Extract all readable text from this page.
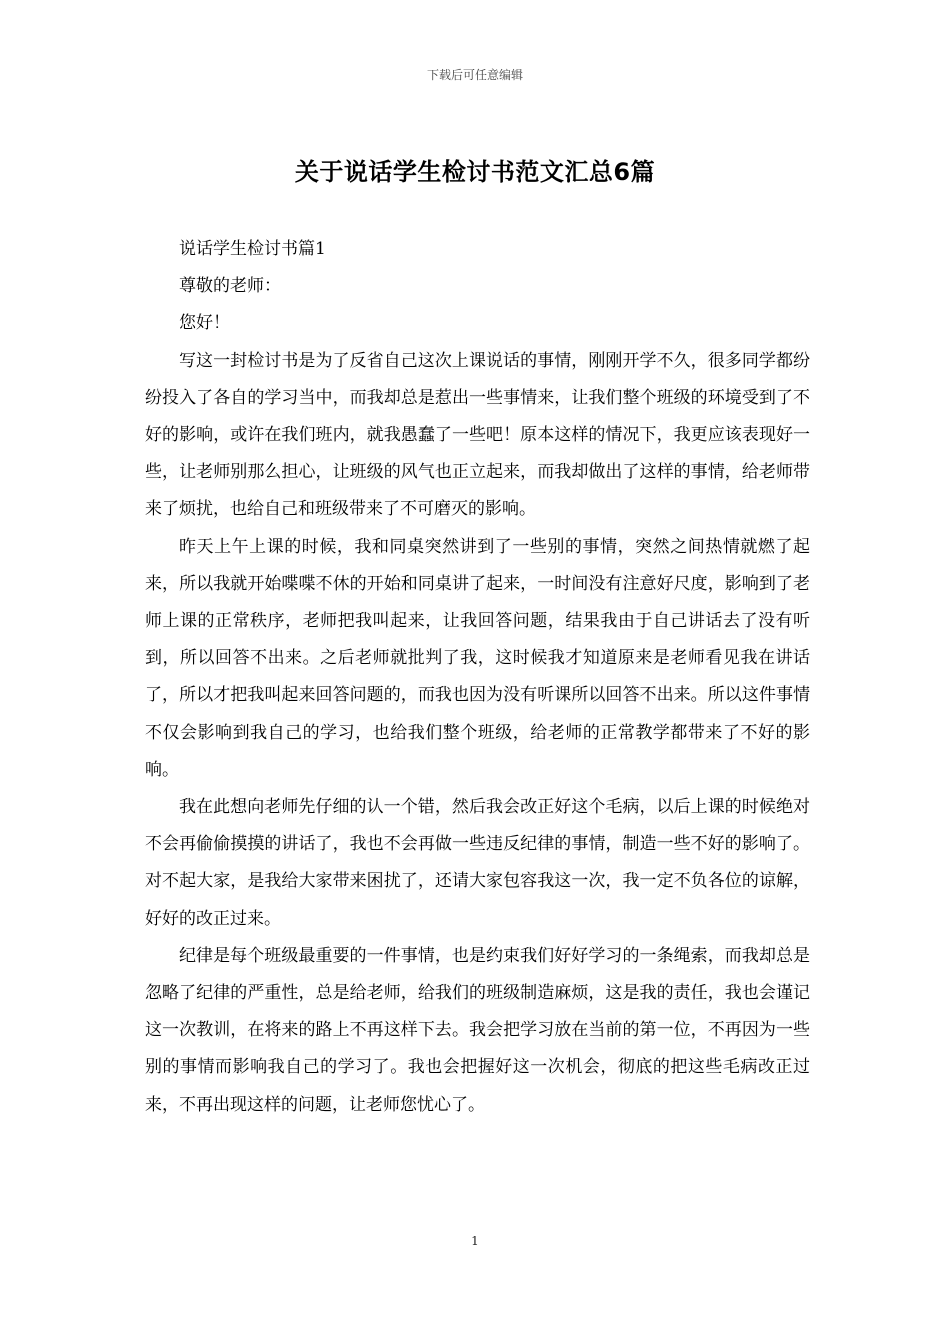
下载后可任意编辑
关于说话学生检讨书范文汇总6篇

说话学生检讨书篇1

尊敬的老师：

您好！

写这一封检讨书是为了反省自己这次上课说话的事情，刚刚开学不久，很多同学都纷纷投入了各自的学习当中，而我却总是惹出一些事情来，让我们整个班级的环境受到了不好的影响，或许在我们班内，就我愚蠢了一些吧！原本这样的情况下，我更应该表现好一些，让老师别那么担心，让班级的风气也正立起来，而我却做出了这样的事情，给老师带来了烦扰，也给自己和班级带来了不可磨灭的影响。

昨天上午上课的时候，我和同桌突然讲到了一些别的事情，突然之间热情就燃了起来，所以我就开始喋喋不休的开始和同桌讲了起来，一时间没有注意好尺度，影响到了老师上课的正常秩序，老师把我叫起来，让我回答问题，结果我由于自己讲话去了没有听到，所以回答不出来。之后老师就批判了我，这时候我才知道原来是老师看见我在讲话了，所以才把我叫起来回答问题的，而我也因为没有听课所以回答不出来。所以这件事情不仅会影响到我自己的学习，也给我们整个班级，给老师的正常教学都带来了不好的影响。

我在此想向老师先仔细的认一个错，然后我会改正好这个毛病，以后上课的时候绝对不会再偷偷摸摸的讲话了，我也不会再做一些违反纪律的事情，制造一些不好的影响了。对不起大家，是我给大家带来困扰了，还请大家包容我这一次，我一定不负各位的谅解，好好的改正过来。

纪律是每个班级最重要的一件事情，也是约束我们好好学习的一条绳索，而我却总是忽略了纪律的严重性，总是给老师，给我们的班级制造麻烦，这是我的责任，我也会谨记这一次教训，在将来的路上不再这样下去。我会把学习放在当前的第一位，不再因为一些别的事情而影响我自己的学习了。我也会把握好这一次机会，彻底的把这些毛病改正过来，不再出现这样的问题，让老师您忧心了。

1
